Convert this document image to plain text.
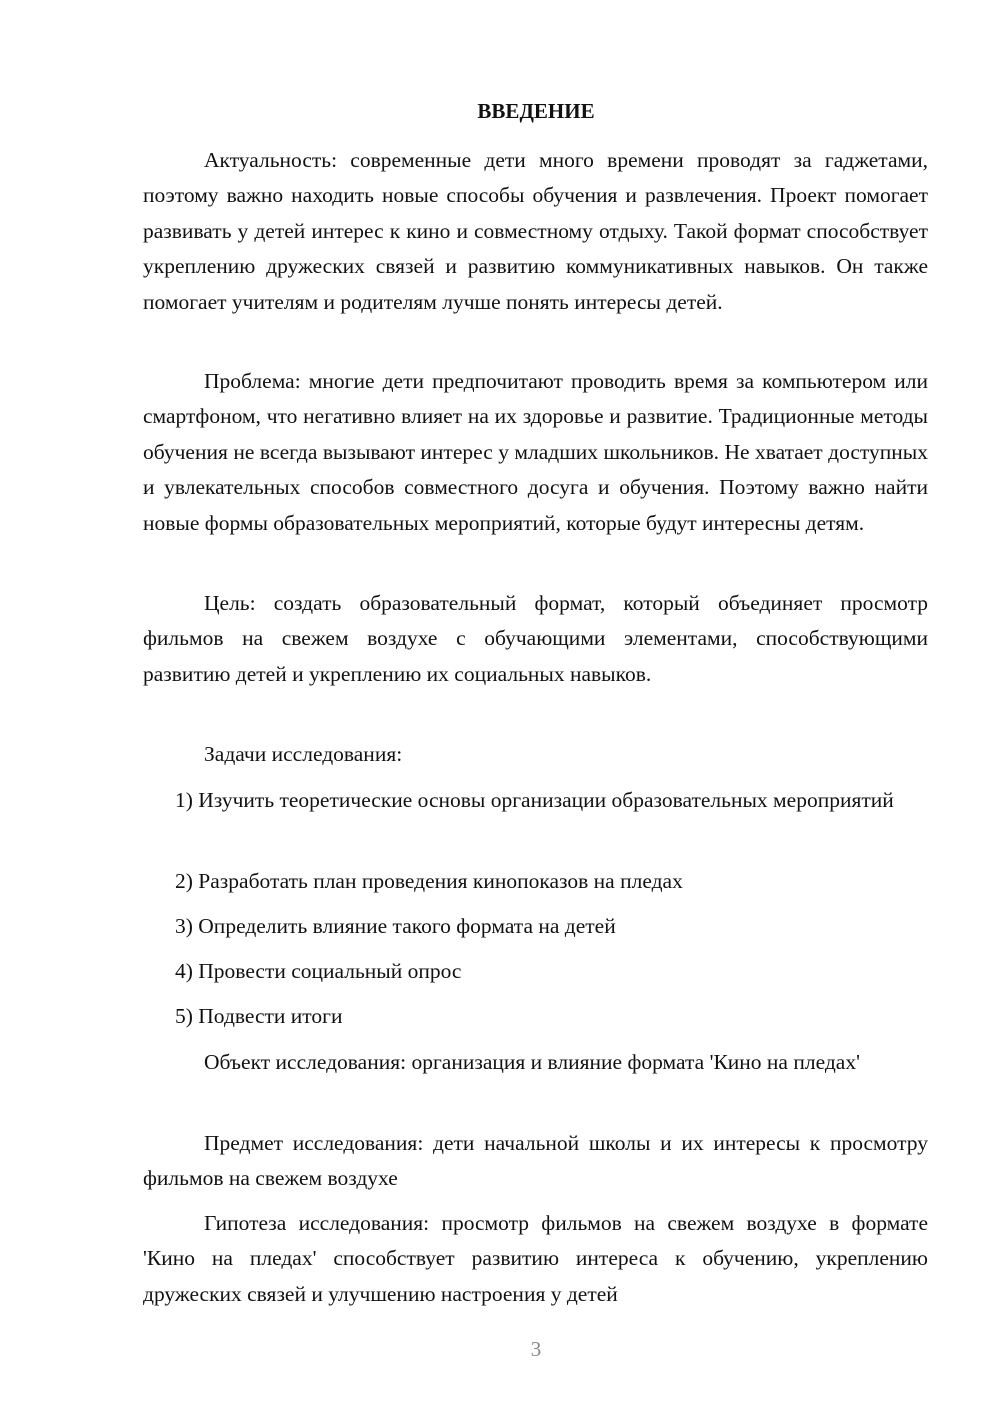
ВВЕДЕНИЕ

Актуальность: современные дети много времени проводят за гаджетами, поэтому важно находить новые способы обучения и развлечения. Проект помогает развивать у детей интерес к кино и совместному отдыху. Такой формат способствует укреплению дружеских связей и развитию коммуникативных навыков. Он также помогает учителям и родителям лучше понять интересы детей.

Проблема: многие дети предпочитают проводить время за компьютером или смартфоном, что негативно влияет на их здоровье и развитие. Традиционные методы обучения не всегда вызывают интерес у младших школьников. Не хватает доступных и увлекательных способов совместного досуга и обучения. Поэтому важно найти новые формы образовательных мероприятий, которые будут интересны детям.

Цель: создать образовательный формат, который объединяет просмотр фильмов на свежем воздухе с обучающими элементами, способствующими развитию детей и укреплению их социальных навыков.

Задачи исследования:

1) Изучить теоретические основы организации образовательных мероприятий

2) Разработать план проведения кинопоказов на пледах

3) Определить влияние такого формата на детей

4) Провести социальный опрос

5) Подвести итоги

Объект исследования: организация и влияние формата 'Кино на пледах'

Предмет исследования: дети начальной школы и их интересы к просмотру фильмов на свежем воздухе

Гипотеза исследования: просмотр фильмов на свежем воздухе в формате 'Кино на пледах' способствует развитию интереса к обучению, укреплению дружеских связей и улучшению настроения у детей

3
